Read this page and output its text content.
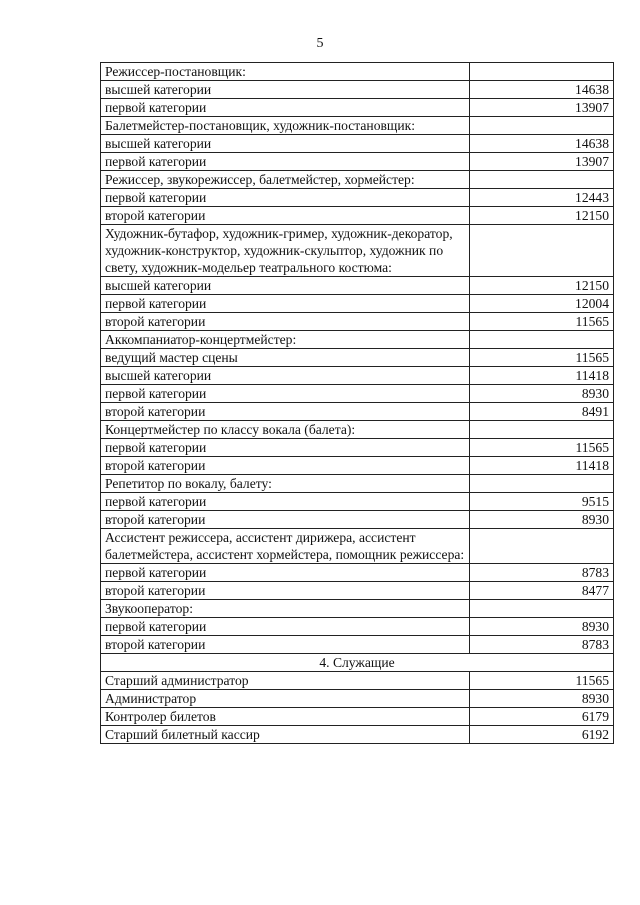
5
Режиссер-постановщик:	
высшей категории	14638
первой категории	13907
Балетмейстер-постановщик, художник-постановщик:	
высшей категории	14638
первой категории	13907
Режиссер, звукорежиссер, балетмейстер, хормейстер:	
первой категории	12443
второй категории	12150
Художник-бутафор, художник-гример, художник-декоратор, художник-конструктор, художник-скульптор, художник по свету, художник-модельер театрального костюма:	
высшей категории	12150
первой категории	12004
второй категории	11565
Аккомпаниатор-концертмейстер:	
ведущий мастер сцены	11565
высшей категории	11418
первой категории	8930
второй категории	8491
Концертмейстер по классу вокала (балета):	
первой категории	11565
второй категории	11418
Репетитор по вокалу, балету:	
первой категории	9515
второй категории	8930
Ассистент режиссера, ассистент дирижера, ассистент балетмейстера, ассистент хормейстера, помощник режиссера:	
первой категории	8783
второй категории	8477
Звукооператор:	
первой категории	8930
второй категории	8783
4. Служащие	
Старший администратор	11565
Администратор	8930
Контролер билетов	6179
Старший билетный кассир	6192
